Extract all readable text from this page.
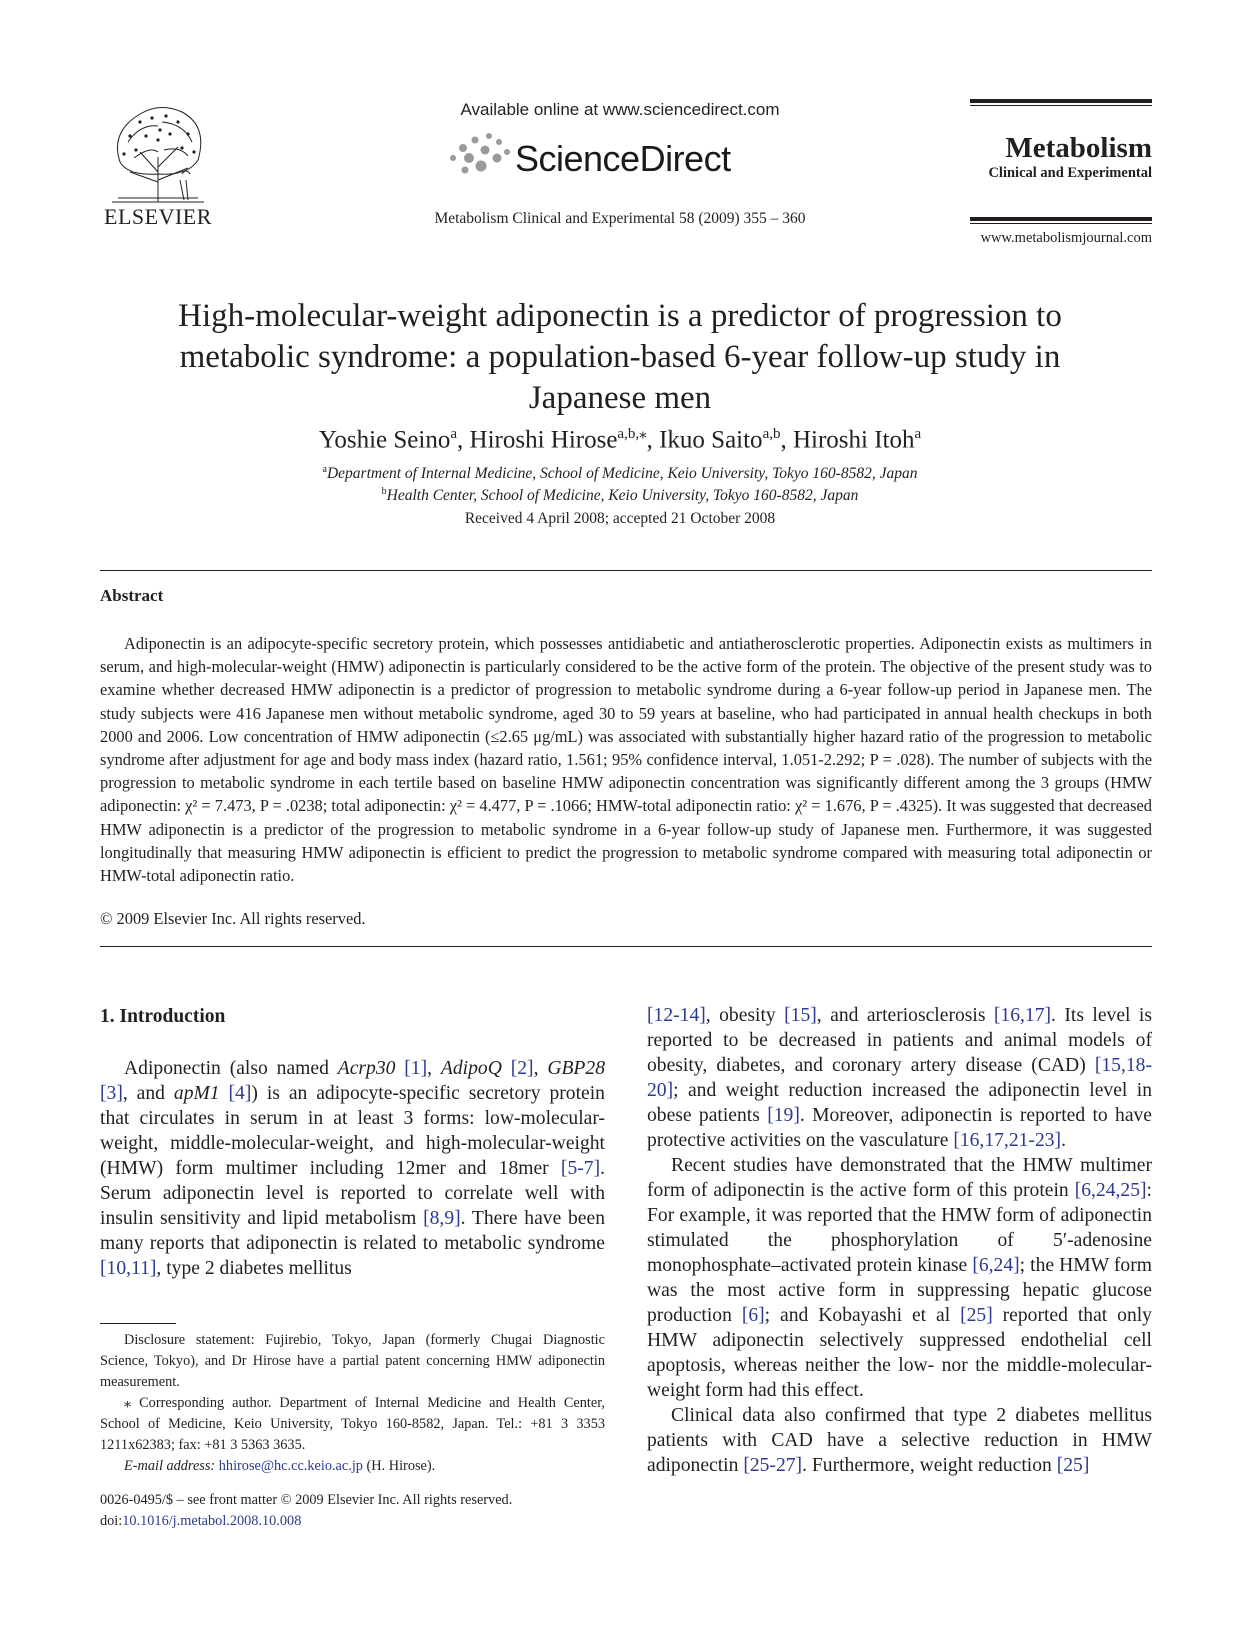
ELSEVIER
Available online at www.sciencedirect.com
ScienceDirect
Metabolism Clinical and Experimental 58 (2009) 355 – 360
Metabolism
Clinical and Experimental
www.metabolismjournal.com
High-molecular-weight adiponectin is a predictor of progression to metabolic syndrome: a population-based 6-year follow-up study in Japanese men
Yoshie Seino$^a$, Hiroshi Hirose$^{a,b,⁎}$, Ikuo Saito$^{a,b}$, Hiroshi Itoh$^a$
$^a$Department of Internal Medicine, School of Medicine, Keio University, Tokyo 160-8582, Japan
$^b$Health Center, School of Medicine, Keio University, Tokyo 160-8582, Japan
Received 4 April 2008; accepted 21 October 2008
Abstract

Adiponectin is an adipocyte-specific secretory protein, which possesses antidiabetic and antiatherosclerotic properties. Adiponectin exists as multimers in serum, and high-molecular-weight (HMW) adiponectin is particularly considered to be the active form of the protein. The objective of the present study was to examine whether decreased HMW adiponectin is a predictor of progression to metabolic syndrome during a 6-year follow-up period in Japanese men. The study subjects were 416 Japanese men without metabolic syndrome, aged 30 to 59 years at baseline, who had participated in annual health checkups in both 2000 and 2006. Low concentration of HMW adiponectin (≤2.65 μg/mL) was associated with substantially higher hazard ratio of the progression to metabolic syndrome after adjustment for age and body mass index (hazard ratio, 1.561; 95% confidence interval, 1.051-2.292; P = .028). The number of subjects with the progression to metabolic syndrome in each tertile based on baseline HMW adiponectin concentration was significantly different among the 3 groups (HMW adiponectin: χ² = 7.473, P = .0238; total adiponectin: χ² = 4.477, P = .1066; HMW-total adiponectin ratio: χ² = 1.676, P = .4325). It was suggested that decreased HMW adiponectin is a predictor of the progression to metabolic syndrome in a 6-year follow-up study of Japanese men. Furthermore, it was suggested longitudinally that measuring HMW adiponectin is efficient to predict the progression to metabolic syndrome compared with measuring total adiponectin or HMW-total adiponectin ratio.

© 2009 Elsevier Inc. All rights reserved.
1. Introduction

Adiponectin (also named Acrp30 [1], AdipoQ [2], GBP28 [3], and apM1 [4]) is an adipocyte-specific secretory protein that circulates in serum in at least 3 forms: low-molecular-weight, middle-molecular-weight, and high-molecular-weight (HMW) form multimer including 12mer and 18mer [5-7]. Serum adiponectin level is reported to correlate well with insulin sensitivity and lipid metabolism [8,9]. There have been many reports that adiponectin is related to metabolic syndrome [10,11], type 2 diabetes mellitus

[12-14], obesity [15], and arteriosclerosis [16,17]. Its level is reported to be decreased in patients and animal models of obesity, diabetes, and coronary artery disease (CAD) [15,18-20]; and weight reduction increased the adiponectin level in obese patients [19]. Moreover, adiponectin is reported to have protective activities on the vasculature [16,17,21-23].

Recent studies have demonstrated that the HMW multimer form of adiponectin is the active form of this protein [6,24,25]: For example, it was reported that the HMW form of adiponectin stimulated the phosphorylation of 5′-adenosine monophosphate–activated protein kinase [6,24]; the HMW form was the most active form in suppressing hepatic glucose production [6]; and Kobayashi et al [25] reported that only HMW adiponectin selectively suppressed endothelial cell apoptosis, whereas neither the low- nor the middle-molecular-weight form had this effect.

Clinical data also confirmed that type 2 diabetes mellitus patients with CAD have a selective reduction in HMW adiponectin [25-27]. Furthermore, weight reduction [25]

Disclosure statement: Fujirebio, Tokyo, Japan (formerly Chugai Diagnostic Science, Tokyo), and Dr Hirose have a partial patent concerning HMW adiponectin measurement.

⁎ Corresponding author. Department of Internal Medicine and Health Center, School of Medicine, Keio University, Tokyo 160-8582, Japan. Tel.: +81 3 3353 1211x62383; fax: +81 3 5363 3635.

E-mail address: hhirose@hc.cc.keio.ac.jp (H. Hirose).

0026-0495/$ – see front matter © 2009 Elsevier Inc. All rights reserved.
doi:10.1016/j.metabol.2008.10.008
